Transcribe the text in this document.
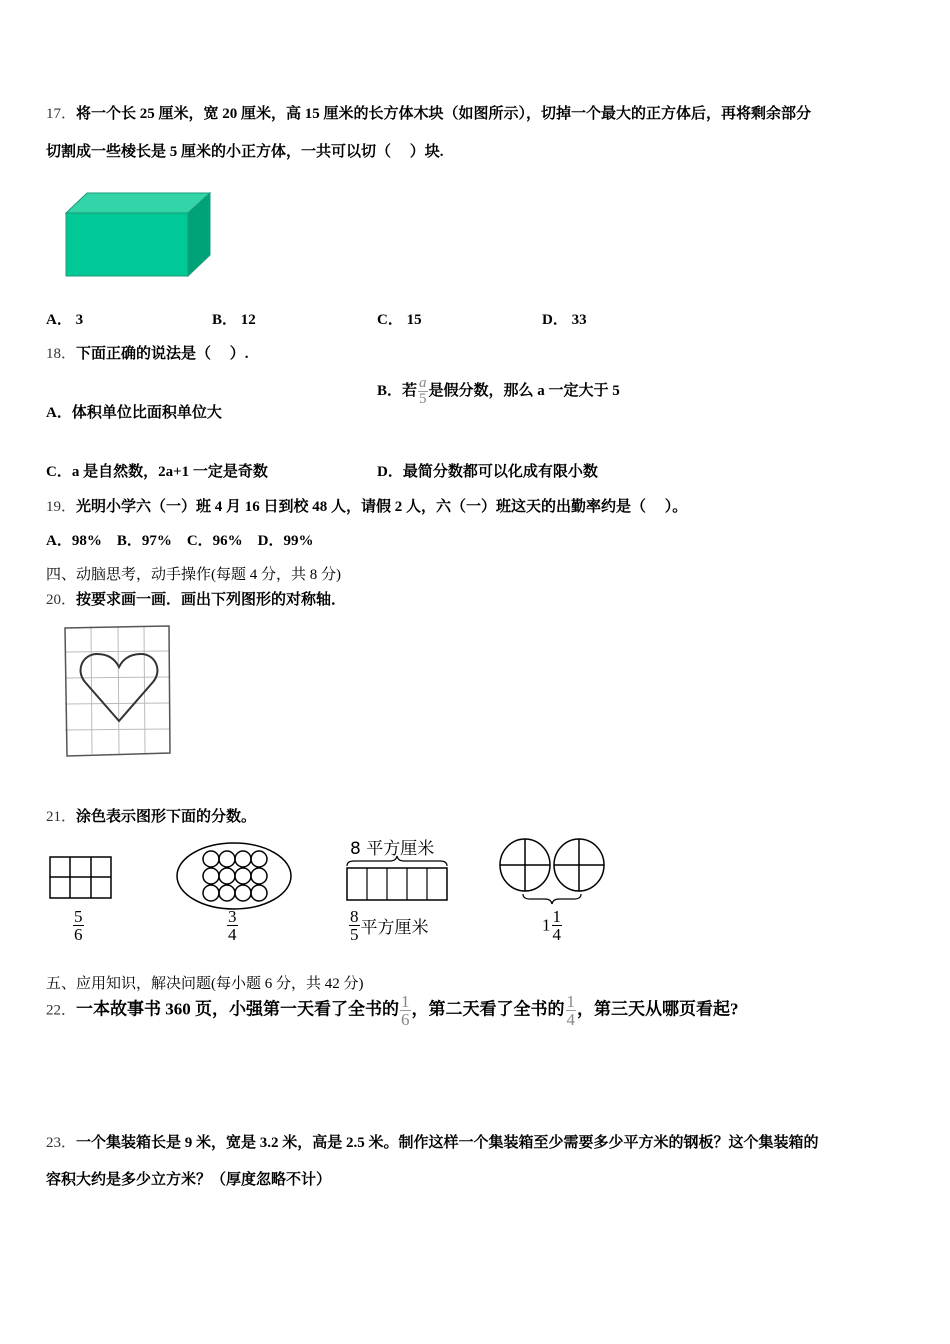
17．将一个长 25 厘米，宽 20 厘米，高 15 厘米的长方体木块（如图所示），切掉一个最大的正方体后，再将剩余部分
切割成一些棱长是 5 厘米的小正方体，一共可以切（　 ）块.
A． 3	B． 12	C． 15	D． 33
18．下面正确的说法是（　 ）.
A．体积单位比面积单位大
B．若 $\frac{a}{5}$ 是假分数，那么 a 一定大于 5
C．a 是自然数，2a+1 一定是奇数	D．最简分数都可以化成有限小数
19．光明小学六（一）班 4 月 16 日到校 48 人，请假 2 人，六（一）班这天的出勤率约是（　 ）。
A．98%　B．97%　C．96%　D．99%
四、动脑思考，动手操作(每题 4 分，共 8 分)
20．按要求画一画．画出下列图形的对称轴．
21．涂色表示图形下面的分数。
$\frac{5}{6}$	$\frac{3}{4}$
8 平方厘米
$\frac{8}{5}$ 平方厘米	$1 \frac{1}{4}$
五、应用知识，解决问题(每小题 6 分，共 42 分)
22．一本故事书 360 页，小强第一天看了全书的 $\frac{1}{6}$ ，第二天看了全书的 $\frac{1}{4}$ ，第三天从哪页看起?
23．一个集装箱长是 9 米，宽是 3.2 米，高是 2.5 米。制作这样一个集装箱至少需要多少平方米的钢板？这个集装箱的
容积大约是多少立方米？（厚度忽略不计）
